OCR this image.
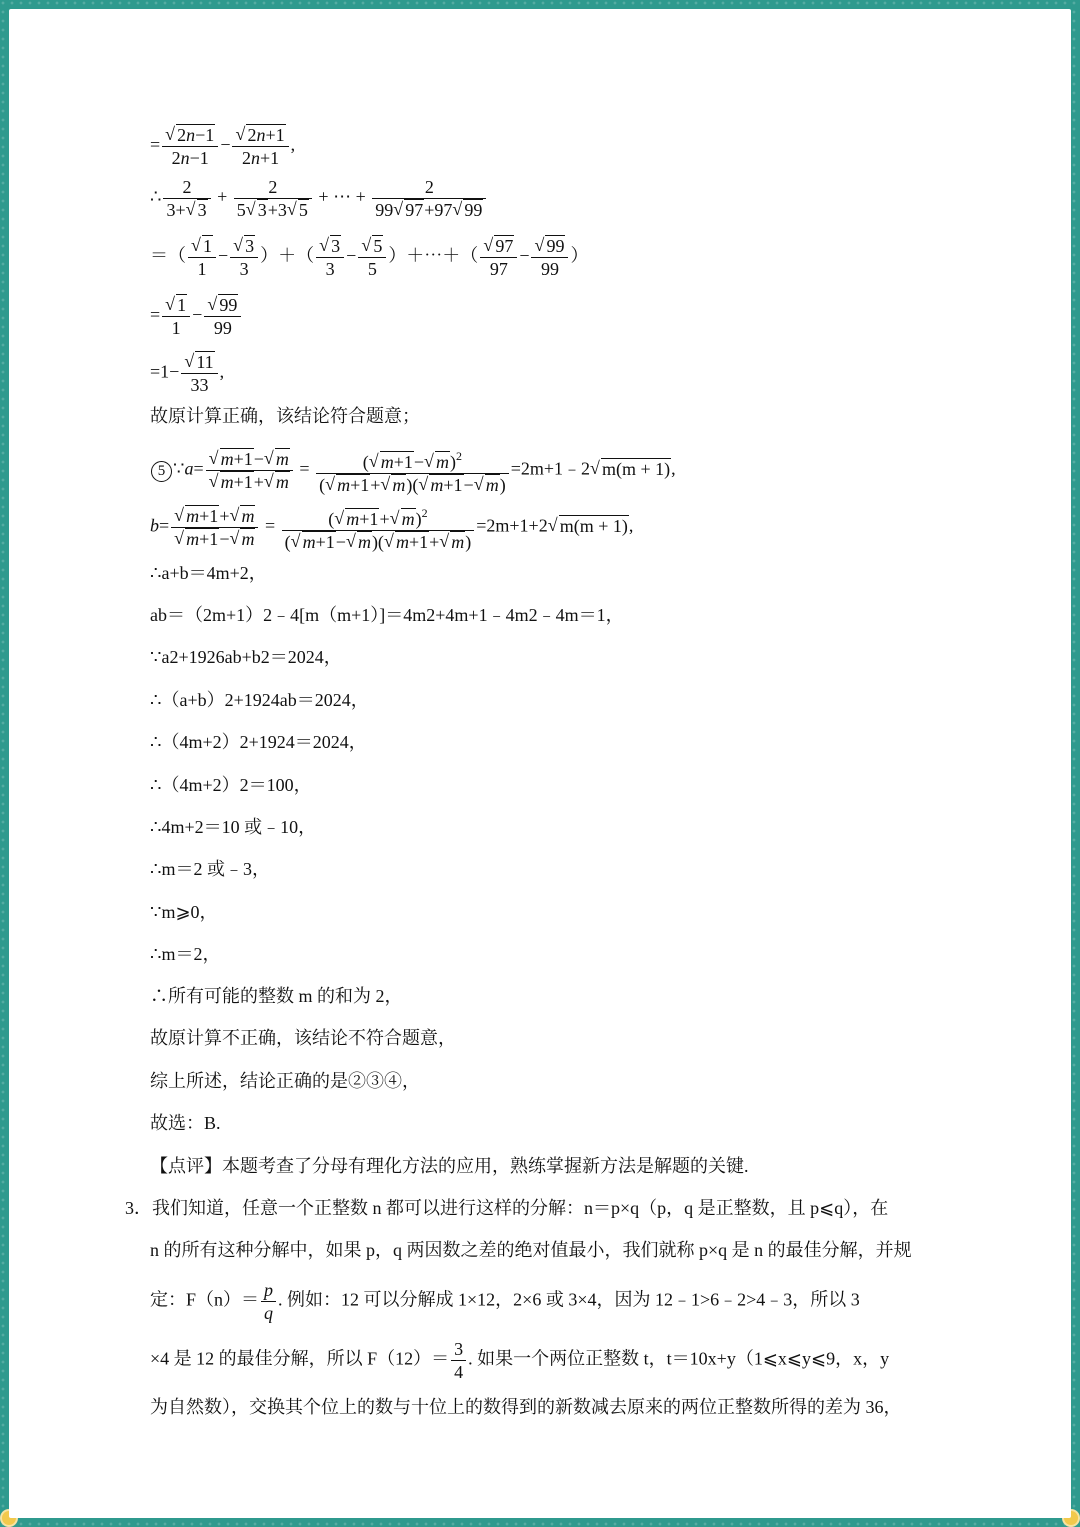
=
√ $\frac{2n-1}{2n-1}$ −
√ $\frac{2n+1}{2n+1}$ ,
∴ $\frac{2}{3+√ 3} + \frac{2}{5√ 3+3√ 5}$ + ⋯ + $\frac{2}{99√ 97+97√ 99}$
＝（
√ $\frac{1}{1}$ −
√ $\frac{3}{3}$ ）＋（
√ $\frac{3}{3}$ −
√ $\frac{5}{5}$ ）＋⋯＋（
√ $\frac{97}{97}$ −
√ $\frac{99}{99}$ ）
=
√ $\frac{1}{1}$ −
√ $\frac{99}{99}$
=1−
√ $\frac{11}{33}$ ,
故原计算正确，该结论符合题意；
5 ∵a=
√ m+1−√ m
√ m+1+√ $m = \frac{(√ m+1-√ m)^2}{(√ m+1+√ m)(√ m+1-√ m)}$ =2m+1﹣2√ m(m + 1),
b=
√ m+1+√ m
√ m+1−√ $m = \frac{(√ m+1+√ m)^2}{(√ m+1-√ m)(√ m+1+√ m)} =2m+1+2√$ m(m + 1),
∴a+b＝4m+2，
ab＝（2m+1）2﹣4[m（m+1）]＝4m2+4m+1﹣4m2﹣4m＝1，
∵a2+1926ab+b2＝2024，
∴（a+b）2+1924ab＝2024，
∴（4m+2）2+1924＝2024，
∴（4m+2）2＝100，
∴4m+2＝10 或﹣10，
∴m＝2 或﹣3，
∵m⩾0，
∴m＝2，
∴所有可能的整数 m 的和为 2，
故原计算不正确，该结论不符合题意，
综上所述，结论正确的是②③④，
故选：B.
【点评】本题考查了分母有理化方法的应用，熟练掌握新方法是解题的关键.
3．我们知道，任意一个正整数 n 都可以进行这样的分解：n＝p×q（p，q 是正整数，且 p⩽q），在
n 的所有这种分解中，如果 p，q 两因数之差的绝对值最小，我们就称 p×q 是 n 的最佳分解，并规
定：$F(n)= \frac{p}{q}$ . 例如：12 可以分解成 1×12，2×6 或 3×4，因为 12﹣1>6﹣2>4﹣3，所以 3
×4 是 12 的最佳分解，所以 $F(12)= \frac{3}{4}$ . 如果一个两位正整数 t，t＝10x+y（1⩽x⩽y⩽9，x，y
为自然数），交换其个位上的数与十位上的数得到的新数减去原来的两位正整数所得的差为 36，
